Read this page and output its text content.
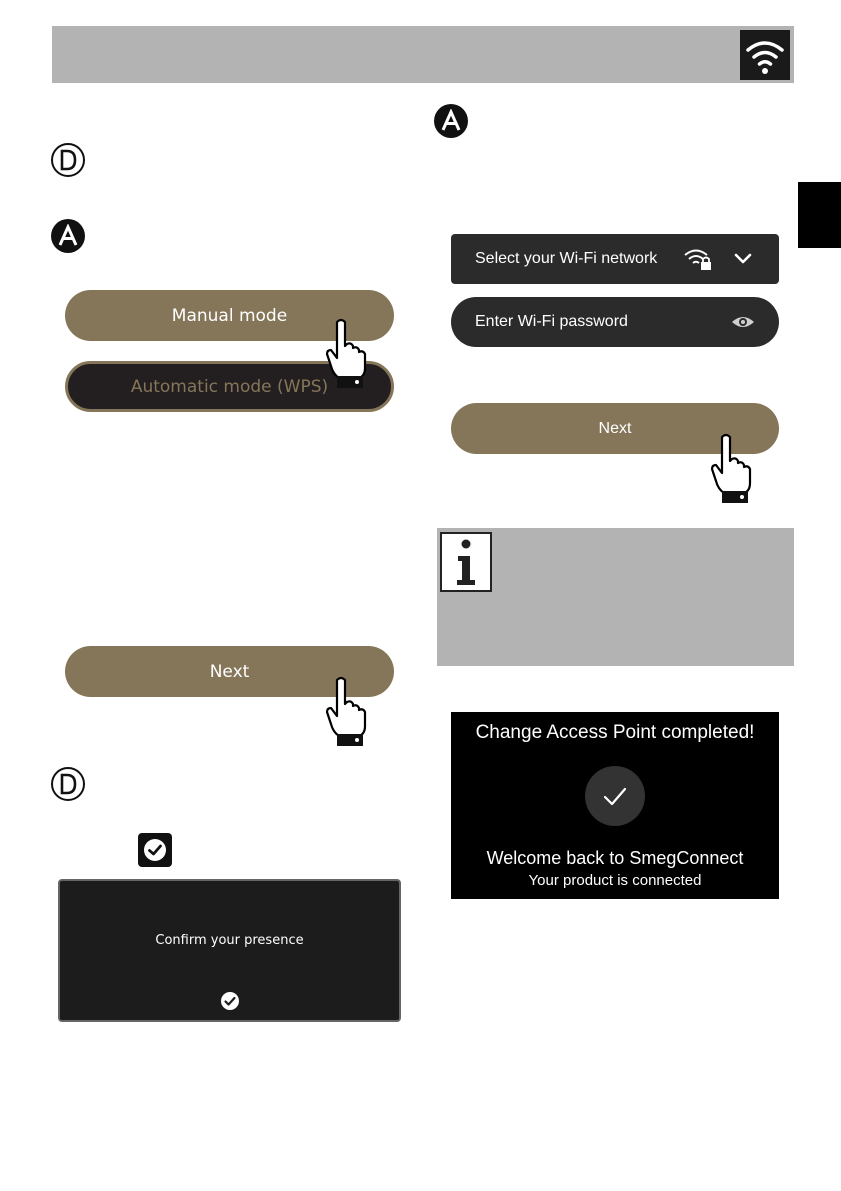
Manual mode
Automatic mode (WPS)
Next
Confirm your presence
Select your Wi-Fi network
Enter Wi-Fi password
Next
Change Access Point completed!
Welcome back to SmegConnect
Your product is connected
